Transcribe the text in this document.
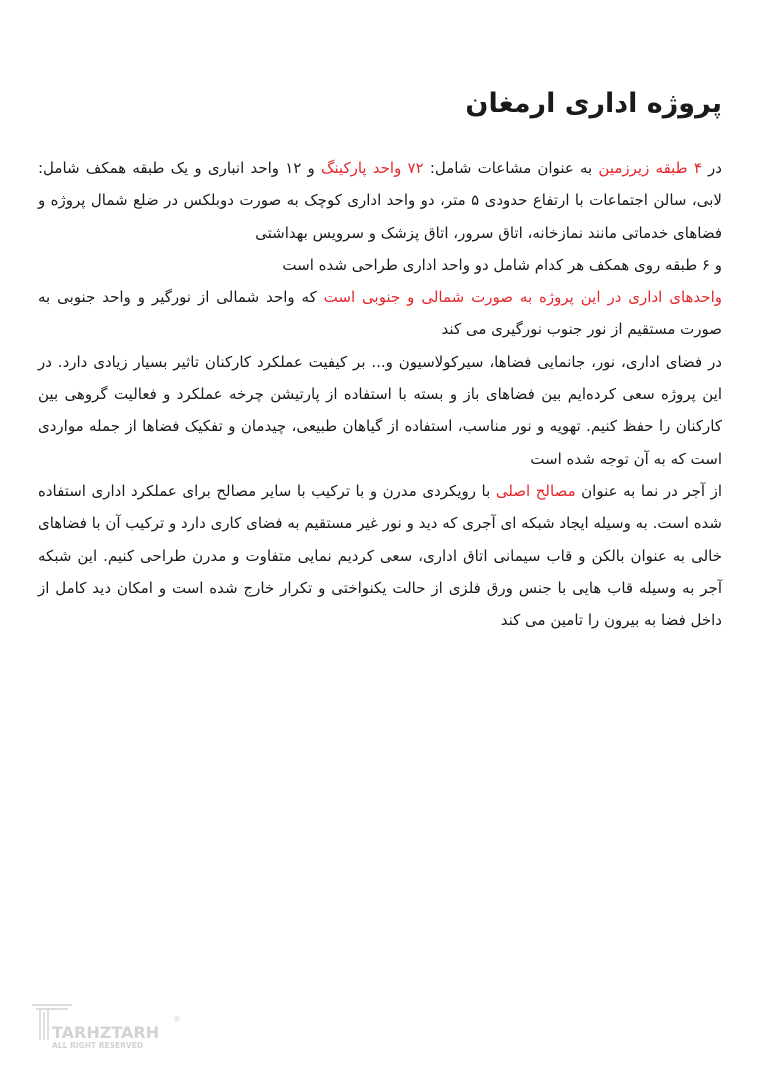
پروژه اداری ارمغان

در ۴ طبقه زیرزمین به عنوان مشاعات شامل: ۷۲ واحد پارکینگ و ۱۲ واحد انباری و یک طبقه همکف شامل: لابی، سالن اجتماعات با ارتفاع حدودی ۵ متر، دو واحد اداری کوچک به صورت دوبلکس در ضلع شمال پروژه و فضاهای خدماتی مانند نمازخانه، اتاق سرور، اتاق پزشک و سرویس بهداشتی

و ۶ طبقه روی همکف هر کدام شامل دو واحد اداری طراحی شده است

واحدهای اداری در این پروژه به صورت شمالی و جنوبی است که واحد شمالی از نورگیر و واحد جنوبی به صورت مستقیم از نور جنوب نورگیری می کند

در فضای اداری، نور، جانمایی فضاها، سیرکولاسیون و... بر کیفیت عملکرد کارکنان تاثیر بسیار زیادی دارد. در این پروژه سعی کرده‌ایم بین فضاهای باز و بسته با استفاده از پارتیشن چرخه عملکرد و فعالیت گروهی بین کارکنان را حفظ کنیم. تهویه و نور مناسب، استفاده از گیاهان طبیعی، چیدمان و تفکیک فضاها از جمله مواردی است که به آن توجه شده است

از آجر در نما به عنوان مصالح اصلی با رویکردی مدرن و با ترکیب با سایر مصالح برای عملکرد اداری استفاده شده است. به وسیله ایجاد شبکه ای آجری که دید و نور غیر مستقیم به فضای کاری دارد و ترکیب آن با فضاهای خالی به عنوان بالکن و قاب سیمانی اتاق اداری، سعی کردیم نمایی متفاوت و مدرن طراحی کنیم. این شبکه آجر به وسیله قاب هایی با جنس ورق فلزی از حالت یکنواختی و تکرار خارج شده است و امکان دید کامل از داخل فضا به بیرون را تامین می کند

TARHZTARH
®
ALL RIGHT RESERVED
